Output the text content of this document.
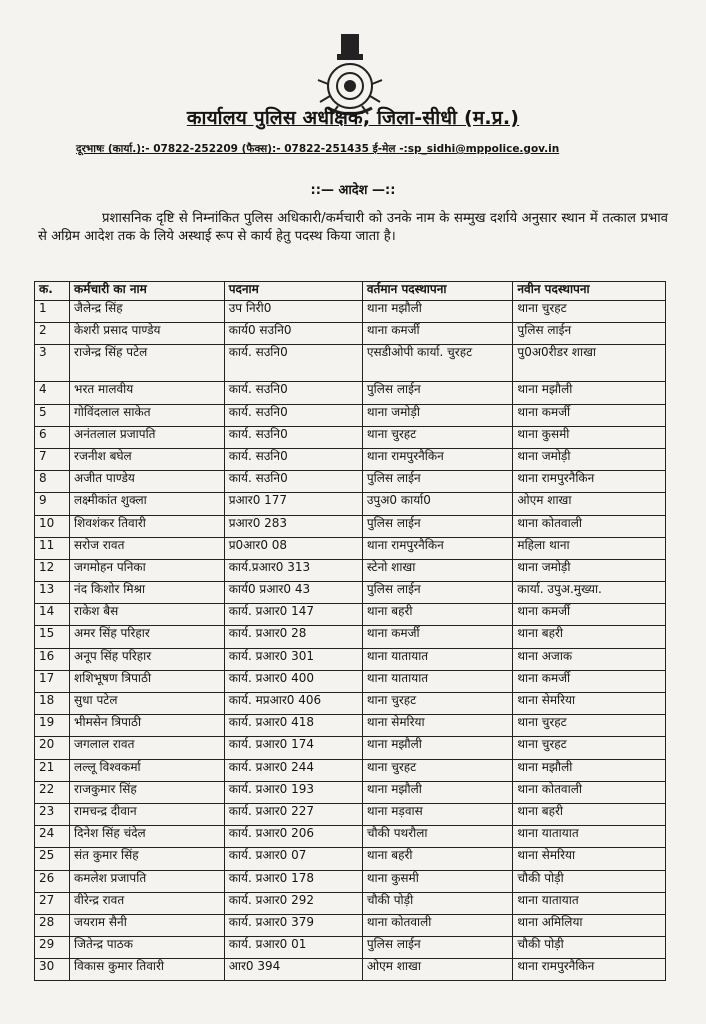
कार्यालय पुलिस अधीक्षक, जिला-सीधी (म.प्र.)
दूरभाषः (कार्या.):- 07822-252209 (फैक्स):- 07822-251435 ई-मेल -:sp_sidhi@mppolice.gov.in
::— आदेश —::
प्रशासनिक दृष्टि से निम्नांकित पुलिस अधिकारी/कर्मचारी को उनके नाम के सम्मुख दर्शाये अनुसार स्थान में तत्काल प्रभाव से अग्रिम आदेश तक के लिये अस्थाई रूप से कार्य हेतु पदस्थ किया जाता है।
क.	कर्मचारी का नाम	पदनाम	वर्तमान पदस्थापना	नवीन पदस्थापना
1	जैलेन्द्र सिंह	उप निरी0	थाना मझौली	थाना चुरहट
2	केशरी प्रसाद पाण्डेय	कार्य0 सउनि0	थाना कमर्जी	पुलिस लाईन
3	राजेन्द्र सिंह पटेल	कार्य. सउनि0	एसडीओपी कार्या. चुरहट	पु0अ0रीडर शाखा
4	भरत मालवीय	कार्य. सउनि0	पुलिस लाईन	थाना मझौली
5	गोविंदलाल साकेत	कार्य. सउनि0	थाना जमोड़ी	थाना कमर्जी
6	अनंतलाल प्रजापति	कार्य. सउनि0	थाना चुरहट	थाना कुसमी
7	रजनीश बघेल	कार्य. सउनि0	थाना रामपुरनैकिन	थाना जमोड़ी
8	अजीत पाण्डेय	कार्य. सउनि0	पुलिस लाईन	थाना रामपुरनैकिन
9	लक्ष्मीकांत शुक्ला	प्रआर0 177	उपुअ0 कार्या0	ओएम शाखा
10	शिवशंकर तिवारी	प्रआर0 283	पुलिस लाईन	थाना कोतवाली
11	सरोज रावत	प्र0आर0 08	थाना रामपुरनैकिन	महिला थाना
12	जगमोहन पनिका	कार्य.प्रआर0 313	स्टेनो शाखा	थाना जमोड़ी
13	नंद किशोर मिश्रा	कार्य0 प्रआर0 43	पुलिस लाईन	कार्या. उपुअ.मुख्या.
14	राकेश बैस	कार्य. प्रआर0 147	थाना बहरी	थाना कमर्जी
15	अमर सिंह परिहार	कार्य. प्रआर0 28	थाना कमर्जी	थाना बहरी
16	अनूप सिंह परिहार	कार्य. प्रआर0 301	थाना यातायात	थाना अजाक
17	शशिभूषण त्रिपाठी	कार्य. प्रआर0 400	थाना यातायात	थाना कमर्जी
18	सुधा पटेल	कार्य. मप्रआर0 406	थाना चुरहट	थाना सेमरिया
19	भीमसेन त्रिपाठी	कार्य. प्रआर0 418	थाना सेमरिया	थाना चुरहट
20	जगलाल रावत	कार्य. प्रआर0 174	थाना मझौली	थाना चुरहट
21	लल्लू विश्वकर्मा	कार्य. प्रआर0 244	थाना चुरहट	थाना मझौली
22	राजकुमार सिंह	कार्य. प्रआर0 193	थाना मझौली	थाना कोतवाली
23	रामचन्द्र दीवान	कार्य. प्रआर0 227	थाना मड़वास	थाना बहरी
24	दिनेश सिंह चंदेल	कार्य. प्रआर0 206	चौकी पथरौला	थाना यातायात
25	संत कुमार सिंह	कार्य. प्रआर0 07	थाना बहरी	थाना सेमरिया
26	कमलेश प्रजापति	कार्य. प्रआर0 178	थाना कुसमी	चौकी पोड़ी
27	वीरेन्द्र रावत	कार्य. प्रआर0 292	चौकी पोड़ी	थाना यातायात
28	जयराम सैनी	कार्य. प्रआर0 379	थाना कोतवाली	थाना अमिलिया
29	जितेन्द्र पाठक	कार्य. प्रआर0 01	पुलिस लाईन	चौकी पोड़ी
30	विकास कुमार तिवारी	आर0 394	ओएम शाखा	थाना रामपुरनैकिन
